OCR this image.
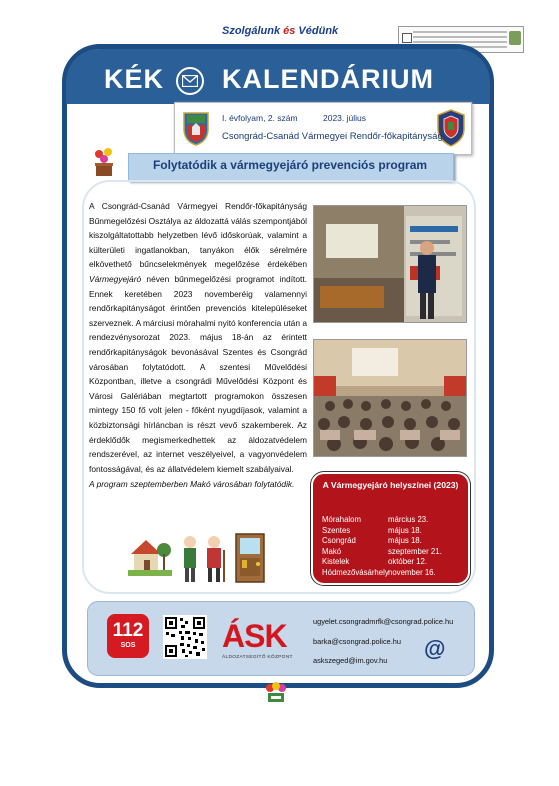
Szolgálunk és Védünk
KÉK KALENDÁRIUM
I. évfolyam, 2. szám	2023. július
Csongrád-Csanád Vármegyei Rendőr-főkapitányság
Folytatódik a vármegyejáró prevenciós program

A Csongrád-Csanád Vármegyei Rendőr-főkapitányság Bűnmegelőzési Osztálya az áldozattá válás szempontjából kiszolgáltatottabb helyzetben lévő időskorúak, valamint a külterületi ingatlanokban, tanyákon élők sérelmére elkövethető bűncselekmények megelőzése érdekében Vármegyejáró néven bűnmegelőzési programot indított. Ennek keretében 2023 novemberéig valamennyi rendőrkapitányságot érintően prevenciós kitelepüléseket szerveznek. A márciusi mórahalmi nyitó konferencia után a rendezvénysorozat 2023. május 18-án az érintett rendőrkapitányságok bevonásával Szentes és Csongrád városában folytatódott. A szentesi Művelődési Központban, illetve a csongrádi Művelődési Központ és Városi Galériában megtartott programokon összesen mintegy 150 fő volt jelen - főként nyugdíjasok, valamint a közbiztonsági hírláncban is részt vevő szakemberek. Az érdeklődők megismerkedhettek az áldozatvédelem rendszerével, az internet veszélyeivel, a vagyonvédelem fontosságával, és az állatvédelem kiemelt szabályaival.

A program szeptemberben Makó városában folytatódik.	A Vármegyejáró helyszínei (2023)
Mórahalom	március 23.
Szentes	május 18.
Csongrád	május 18.
Makó	szeptember 21.
Kistelek	október 12.
Hódmezővásárhely november 16.
112
SOS	ÁSK
ÁLDOZATSEGÍTŐ KÖZPONT
ugyelet.csongradmrfk@csongrad.police.hu
barka@csongrad.police.hu
askszeged@im.gov.hu @
